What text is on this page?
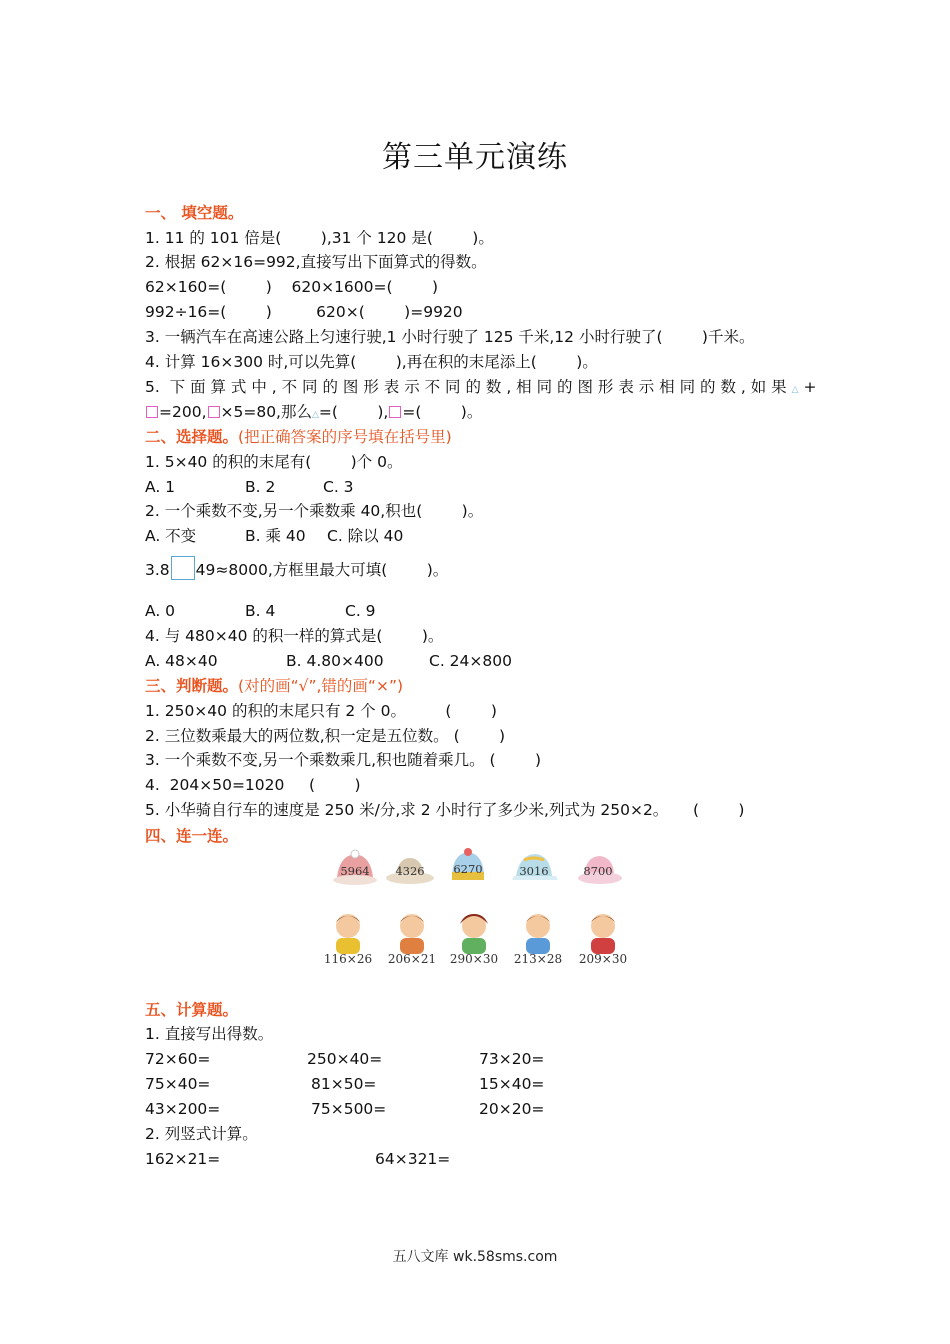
第三单元演练
一、 填空题。
1. 11 的 101 倍是(        ),31 个 120 是(        )。
2. 根据 62×16=992,直接写出下面算式的得数。
62×160=(        )    620×1600=(        )
992÷16=(        )         620×(        )=9920
3. 一辆汽车在高速公路上匀速行驶,1 小时行驶了 125 千米,12 小时行驶了(        )千米。
4. 计算 16×300 时,可以先算(        ),再在积的末尾添上(        )。
5.  下 面 算 式 中 , 不 同 的 图 形 表 示 不 同 的 数 , 相 同 的 图 形 表 示 相 同 的 数 , 如 果 △ +
=200, ×5=80,那么△=(        ), =(        )。
二、选择题。(把正确答案的序号填在括号里)
1. 5×40 的积的末尾有(        )个 0。
A. 1	B. 2	C. 3
2. 一个乘数不变,另一个乘数乘 40,积也(        )。
A. 不变	B. 乘 40 C. 除以 40
3.8 49≈8000,方框里最大可填(        )。
A. 0	B. 4	C. 9
4. 与 480×40 的积一样的算式是(        )。
A. 48×40	B. 4.80×400	C. 24×800
三、判断题。(对的画“√”,错的画“×”)
1. 250×40 的积的末尾只有 2 个 0。        (        )
2. 三位数乘最大的两位数,积一定是五位数。 (        )
3. 一个乘数不变,另一个乘数乘几,积也随着乘几。 (        )
4.  204×50=1020     (        )
5. 小华骑自行车的速度是 250 米/分,求 2 小时行了多少米,列式为 250×2。     (        )
四、连一连。
5964	4326	6270	3016	8700
116×26	206×21	290×30	213×28	209×30
五、计算题。
1. 直接写出得数。
72×60=	250×40=	73×20=
75×40=	81×50=	15×40=
43×200=	75×500=	20×20=
2. 列竖式计算。
162×21=	64×321=
五八文库 wk.58sms.com
